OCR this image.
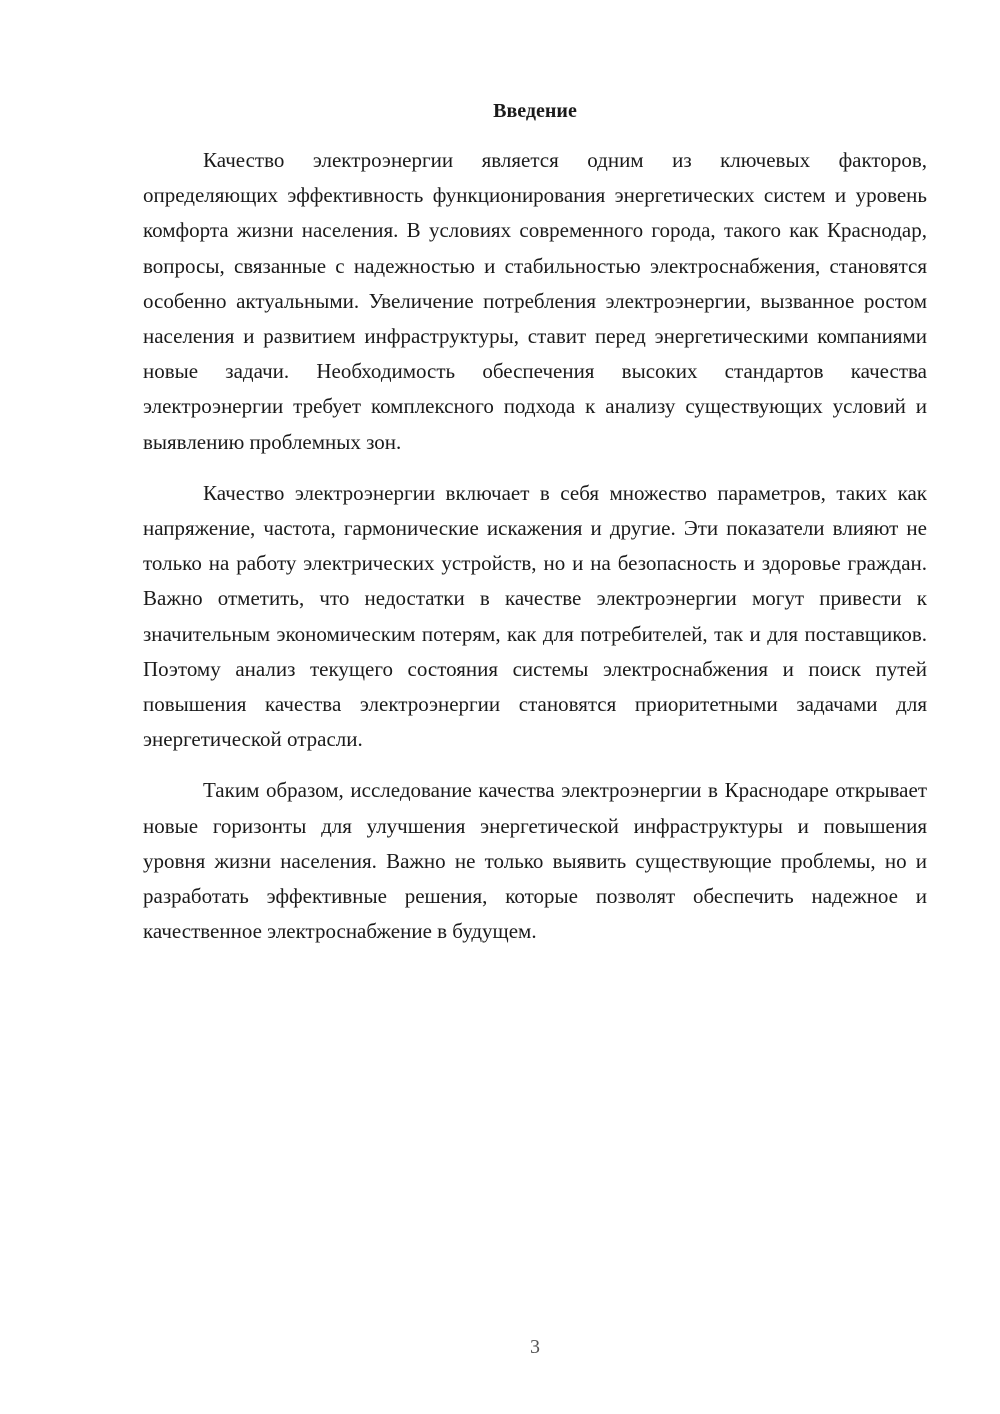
Введение

Качество электроэнергии является одним из ключевых факторов, определяющих эффективность функционирования энергетических систем и уровень комфорта жизни населения. В условиях современного города, такого как Краснодар, вопросы, связанные с надежностью и стабильностью электроснабжения, становятся особенно актуальными. Увеличение потребления электроэнергии, вызванное ростом населения и развитием инфраструктуры, ставит перед энергетическими компаниями новые задачи. Необходимость обеспечения высоких стандартов качества электроэнергии требует комплексного подхода к анализу существующих условий и выявлению проблемных зон.

Качество электроэнергии включает в себя множество параметров, таких как напряжение, частота, гармонические искажения и другие. Эти показатели влияют не только на работу электрических устройств, но и на безопасность и здоровье граждан. Важно отметить, что недостатки в качестве электроэнергии могут привести к значительным экономическим потерям, как для потребителей, так и для поставщиков. Поэтому анализ текущего состояния системы электроснабжения и поиск путей повышения качества электроэнергии становятся приоритетными задачами для энергетической отрасли.

Таким образом, исследование качества электроэнергии в Краснодаре открывает новые горизонты для улучшения энергетической инфраструктуры и повышения уровня жизни населения. Важно не только выявить существующие проблемы, но и разработать эффективные решения, которые позволят обеспечить надежное и качественное электроснабжение в будущем.

3
